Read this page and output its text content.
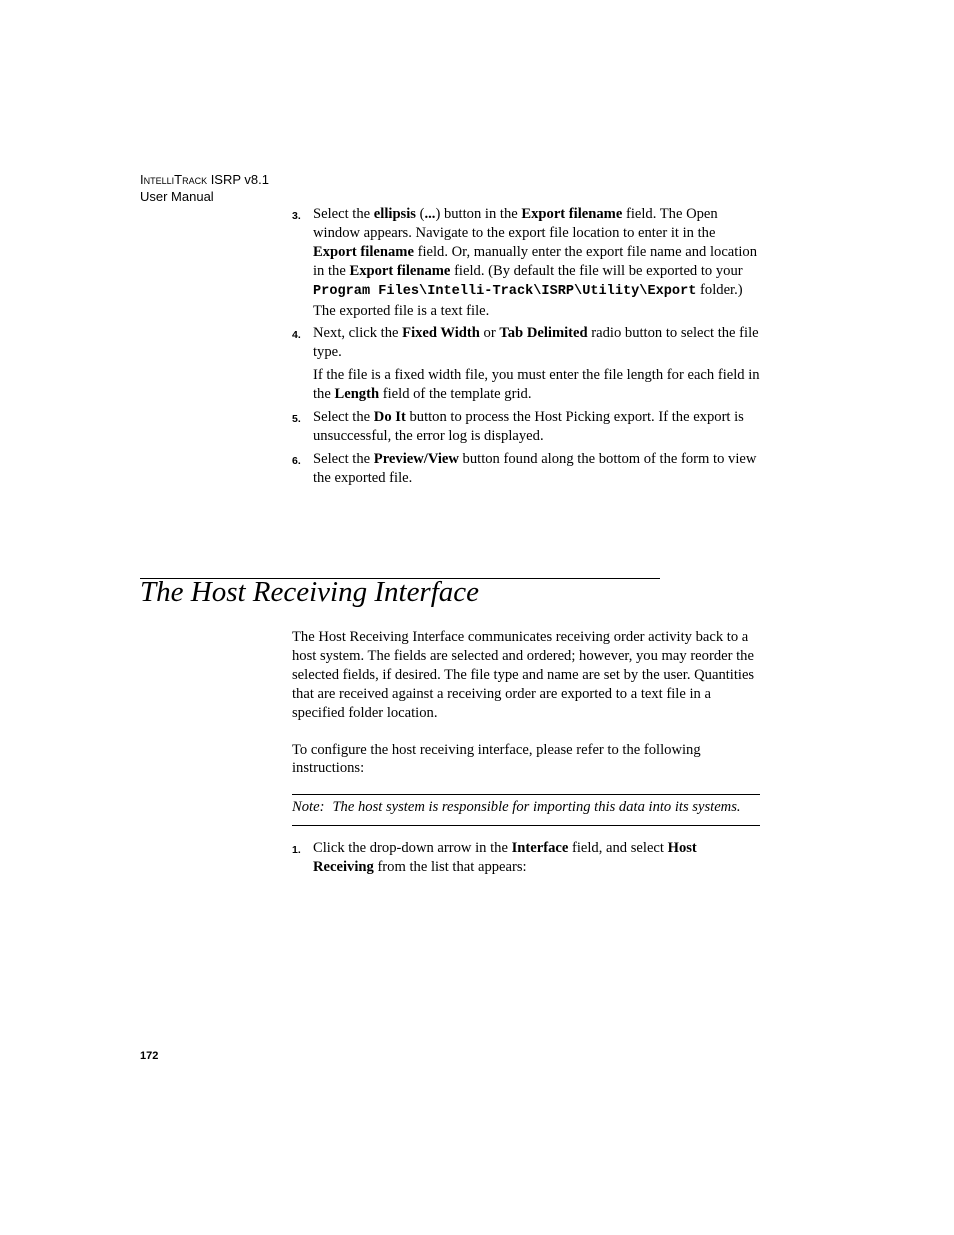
IntelliTrack ISRP v8.1
User Manual
3. Select the ellipsis (...) button in the Export filename field. The Open window appears. Navigate to the export file location to enter it in the Export filename field. Or, manually enter the export file name and location in the Export filename field. (By default the file will be exported to your Program Files\Intelli-Track\ISRP\Utility\Export folder.) The exported file is a text file.

4. Next, click the Fixed Width or Tab Delimited radio button to select the file type.

If the file is a fixed width file, you must enter the file length for each field in the Length field of the template grid.

5. Select the Do It button to process the Host Picking export. If the export is unsuccessful, the error log is displayed.

6. Select the Preview/View button found along the bottom of the form to view the exported file.

The Host Receiving Interface

The Host Receiving Interface communicates receiving order activity back to a host system. The fields are selected and ordered; however, you may reorder the selected fields, if desired. The file type and name are set by the user. Quantities that are received against a receiving order are exported to a text file in a specified folder location.

To configure the host receiving interface, please refer to the following instructions:

Note: The host system is responsible for importing this data into its systems.
1. Click the drop-down arrow in the Interface field, and select Host Receiving from the list that appears:

172
